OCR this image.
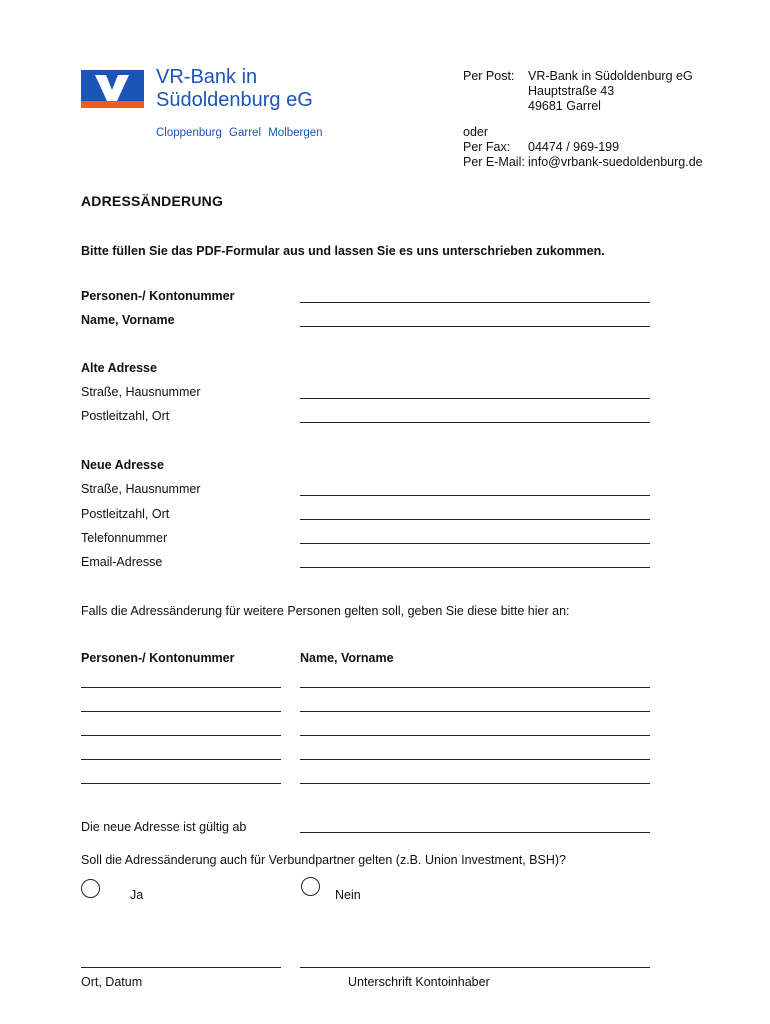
VR-Bank in
Südoldenburg eG
Cloppenburg Garrel Molbergen
Per Post: VR-Bank in Südoldenburg eG
Hauptstraße 43
49681 Garrel
oder
Per Fax: 04474 / 969-199
Per E-Mail: info@vrbank-suedoldenburg.de
ADRESSÄNDERUNG
Bitte füllen Sie das PDF-Formular aus und lassen Sie es uns unterschrieben zukommen.
Personen-/ Kontonummer
Name, Vorname
Alte Adresse
Straße, Hausnummer
Postleitzahl, Ort
Neue Adresse
Straße, Hausnummer
Postleitzahl, Ort
Telefonnummer
Email-Adresse
Falls die Adressänderung für weitere Personen gelten soll, geben Sie diese bitte hier an:
Personen-/ Kontonummer	Name, Vorname
Die neue Adresse ist gültig ab
Soll die Adressänderung auch für Verbundpartner gelten (z.B. Union Investment, BSH)?
Ja	Nein
Ort, Datum	Unterschrift Kontoinhaber
